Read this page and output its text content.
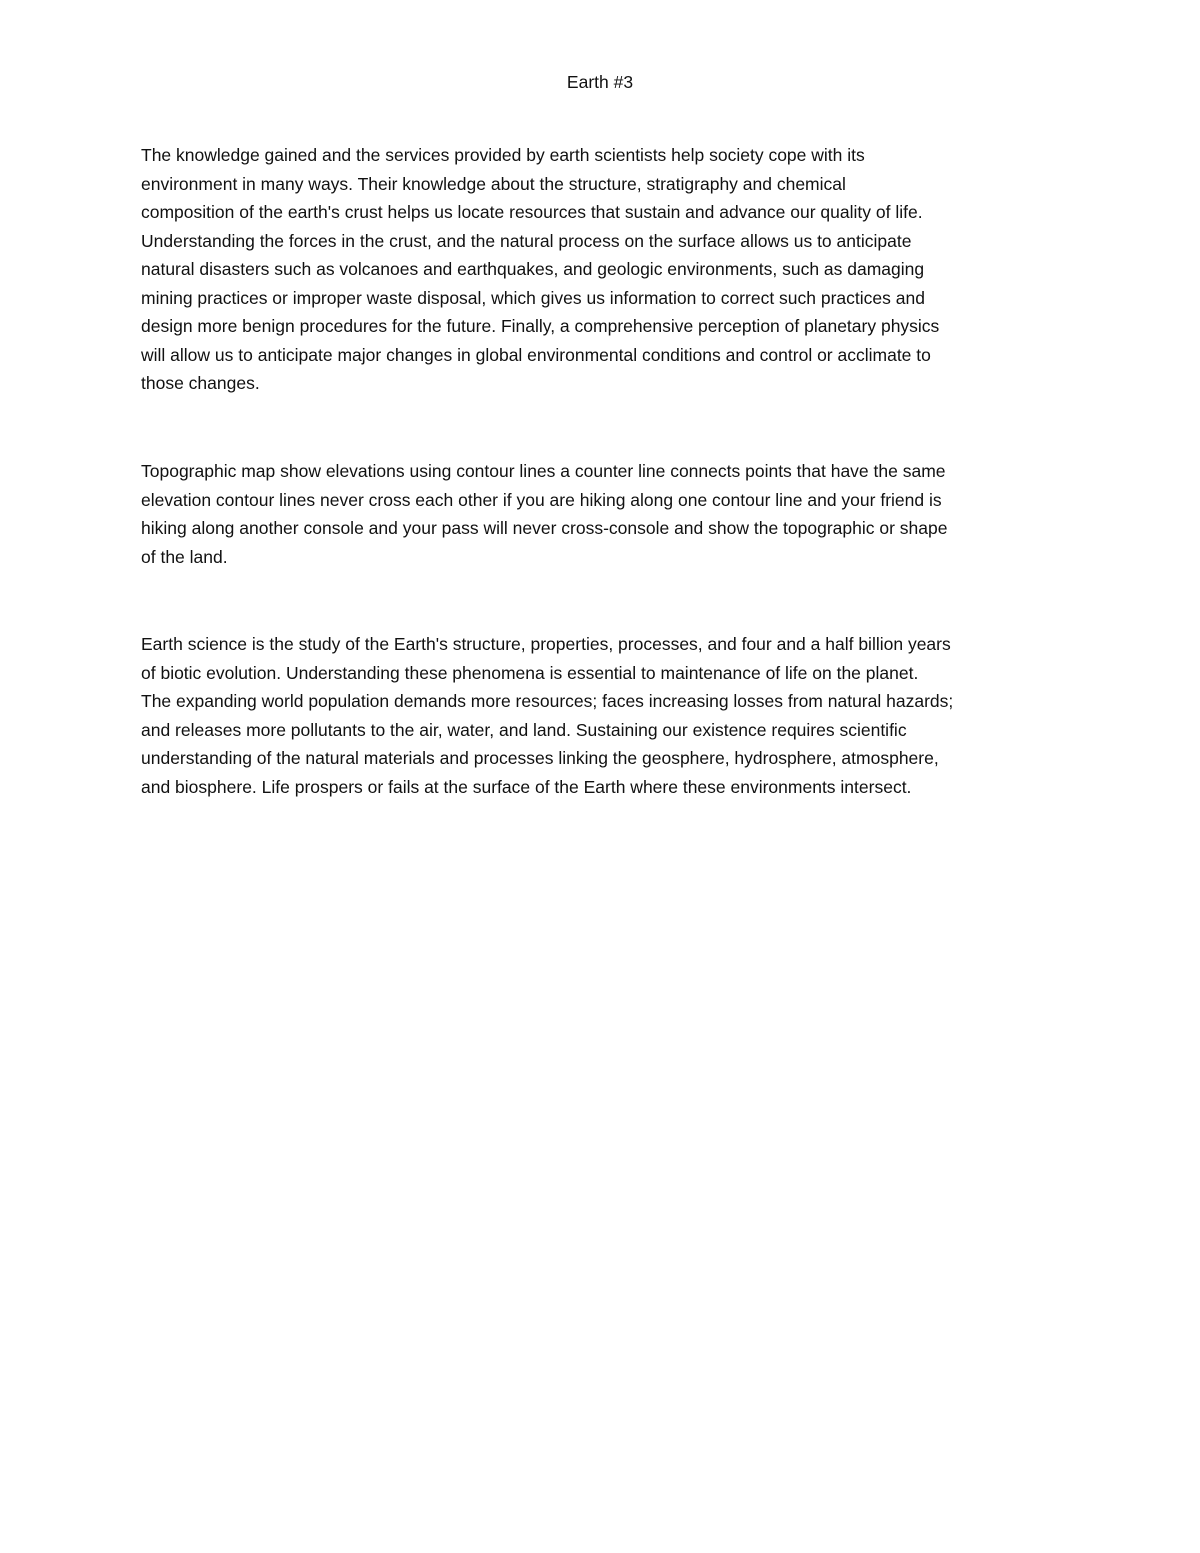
Earth #3

The knowledge gained and the services provided by earth scientists help society cope with its
environment in many ways. Their knowledge about the structure, stratigraphy and chemical
composition of the earth's crust helps us locate resources that sustain and advance our quality of life.
Understanding the forces in the crust, and the natural process on the surface allows us to anticipate
natural disasters such as volcanoes and earthquakes, and geologic environments, such as damaging
mining practices or improper waste disposal, which gives us information to correct such practices and
design more benign procedures for the future. Finally, a comprehensive perception of planetary physics
will allow us to anticipate major changes in global environmental conditions and control or acclimate to
those changes.

Topographic map show elevations using contour lines a counter line connects points that have the same
elevation contour lines never cross each other if you are hiking along one contour line and your friend is
hiking along another console and your pass will never cross-console and show the topographic or shape
of the land.

Earth science is the study of the Earth's structure, properties, processes, and four and a half billion years
of biotic evolution. Understanding these phenomena is essential to maintenance of life on the planet.
The expanding world population demands more resources; faces increasing losses from natural hazards;
and releases more pollutants to the air, water, and land. Sustaining our existence requires scientific
understanding of the natural materials and processes linking the geosphere, hydrosphere, atmosphere,
and biosphere. Life prospers or fails at the surface of the Earth where these environments intersect.
